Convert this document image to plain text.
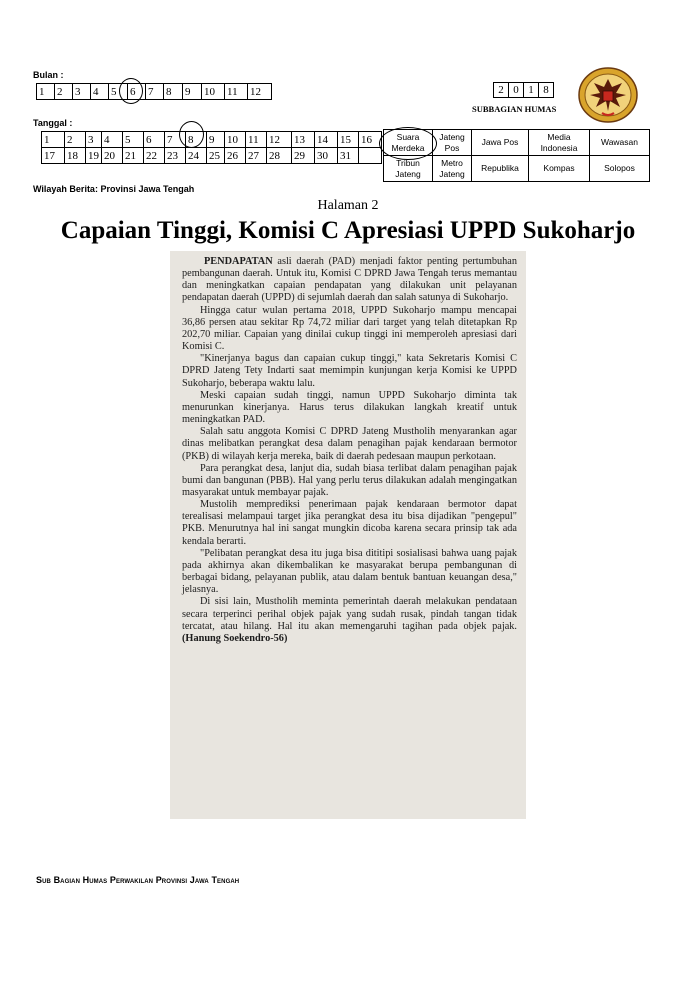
Bulan :
1	2	3	4	5	6	7	8	9	10	11	12
Tanggal :
1	2	3	4	5	6	7	8	9	10	11	12	13	14	15	16
17	18	19	20	21	22	23	24	25	26	27	28	29	30	31	
2	0	1	8
SUBBAGIAN HUMAS
Suara Merdeka	Jateng Pos	Jawa Pos	Media Indonesia	Wawasan
Tribun Jateng	Metro Jateng	Republika	Kompas	Solopos
Wilayah Berita: Provinsi Jawa Tengah
Halaman 2
Capaian Tinggi, Komisi C Apresiasi UPPD Sukoharjo

PENDAPATAN asli daerah (PAD) menjadi faktor penting pertumbuhan pembangunan daerah. Untuk itu, Komisi C DPRD Jawa Tengah terus memantau dan meningkatkan capaian pendapatan yang dilakukan unit pelayanan pendapatan daerah (UPPD) di sejumlah daerah dan salah satunya di Sukoharjo.

Hingga catur wulan pertama 2018, UPPD Sukoharjo mampu mencapai 36,86 persen atau sekitar Rp 74,72 miliar dari target yang telah ditetapkan Rp 202,70 miliar. Capaian yang dinilai cukup tinggi ini memperoleh apresiasi dari Komisi C.

"Kinerjanya bagus dan capaian cukup tinggi," kata Sekretaris Komisi C DPRD Jateng Tety Indarti saat memimpin kunjungan kerja Komisi ke UPPD Sukoharjo, beberapa waktu lalu.

Meski capaian sudah tinggi, namun UPPD Sukoharjo diminta tak menurunkan kinerjanya. Harus terus dilakukan langkah kreatif untuk meningkatkan PAD.

Salah satu anggota Komisi C DPRD Jateng Mustholih menyarankan agar dinas melibatkan perangkat desa dalam penagihan pajak kendaraan bermotor (PKB) di wilayah kerja mereka, baik di daerah pedesaan maupun perkotaan.

Para perangkat desa, lanjut dia, sudah biasa terlibat dalam penagihan pajak bumi dan bangunan (PBB). Hal yang perlu terus dilakukan adalah mengingatkan masyarakat untuk membayar pajak.

Mustolih memprediksi penerimaan pajak kendaraan bermotor dapat terealisasi melampaui target jika perangkat desa itu bisa dijadikan "pengepul" PKB. Menurutnya hal ini sangat mungkin dicoba karena secara prinsip tak ada kendala berarti.

"Pelibatan perangkat desa itu juga bisa dititipi sosialisasi bahwa uang pajak pada akhirnya akan dikembalikan ke masyarakat berupa pembangunan di berbagai bidang, pelayanan publik, atau dalam bentuk bantuan keuangan desa," jelasnya.

Di sisi lain, Mustholih meminta pemerintah daerah melakukan pendataan secara terperinci perihal objek pajak yang sudah rusak, pindah tangan tidak tercatat, atau hilang. Hal itu akan memengaruhi tagihan pada objek pajak.(Hanung Soekendro-56)

Sub Bagian Humas Perwakilan Provinsi Jawa Tengah
